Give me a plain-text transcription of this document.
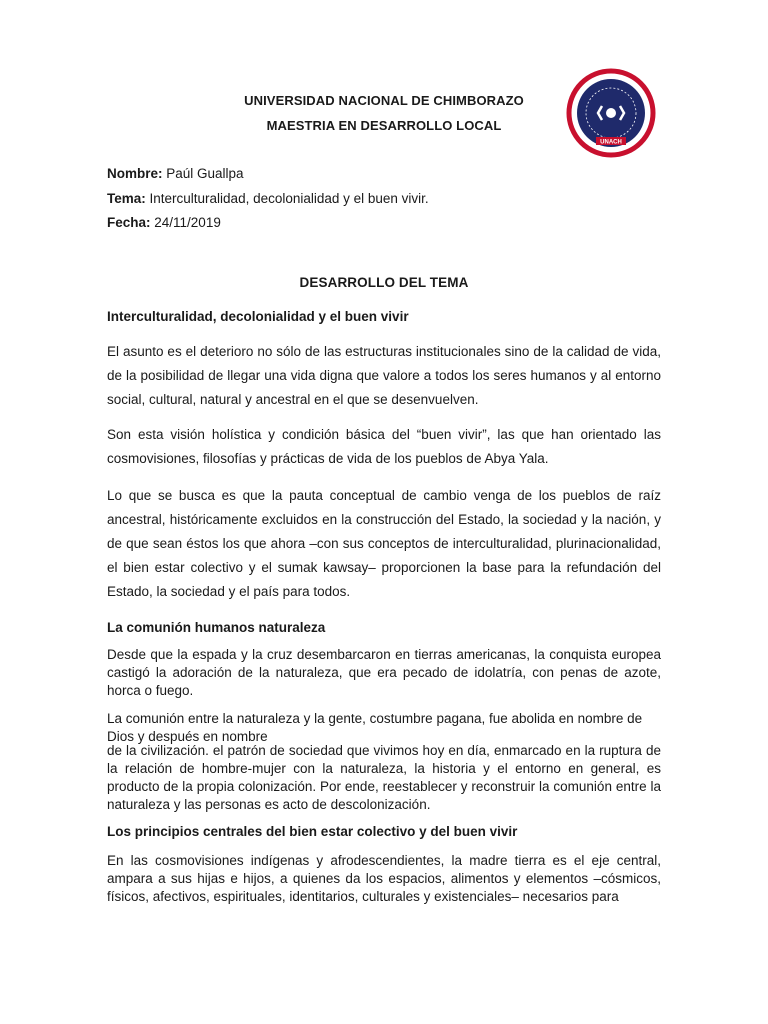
UNIVERSIDAD NACIONAL DE CHIMBORAZO
MAESTRIA EN DESARROLLO LOCAL
UNACH
Nombre: Paúl Guallpa
Tema: Interculturalidad, decolonialidad y el buen vivir.
Fecha: 24/11/2019
DESARROLLO DEL TEMA
Interculturalidad, decolonialidad y el buen vivir
El asunto es el deterioro no sólo de las estructuras institucionales sino de la calidad de vida, de la posibilidad de llegar una vida digna que valore a todos los seres humanos y al entorno social, cultural, natural y ancestral en el que se desenvuelven.
Son esta visión holística y condición básica del “buen vivir”, las que han orientado las cosmovisiones, filosofías y prácticas de vida de los pueblos de Abya Yala.
Lo que se busca es que la pauta conceptual de cambio venga de los pueblos de raíz ancestral, históricamente excluidos en la construcción del Estado, la sociedad y la nación, y de que sean éstos los que ahora –con sus conceptos de interculturalidad, plurinacionalidad, el bien estar colectivo y el sumak kawsay– proporcionen la base para la refundación del Estado, la sociedad y el país para todos.
La comunión humanos naturaleza
Desde que la espada y la cruz desembarcaron en tierras americanas, la conquista europea castigó la adoración de la naturaleza, que era pecado de idolatría, con penas de azote, horca o fuego.
La comunión entre la naturaleza y la gente, costumbre pagana, fue abolida en nombre de Dios y después en nombre
de la civilización. el patrón de sociedad que vivimos hoy en día, enmarcado en la ruptura de la relación de hombre-mujer con la naturaleza, la historia y el entorno en general, es producto de la propia colonización. Por ende, reestablecer y reconstruir la comunión entre la naturaleza y las personas es acto de descolonización.
Los principios centrales del bien estar colectivo y del buen vivir
En las cosmovisiones indígenas y afrodescendientes, la madre tierra es el eje central, ampara a sus hijas e hijos, a quienes da los espacios, alimentos y elementos –cósmicos, físicos, afectivos, espirituales, identitarios, culturales y existenciales– necesarios para
